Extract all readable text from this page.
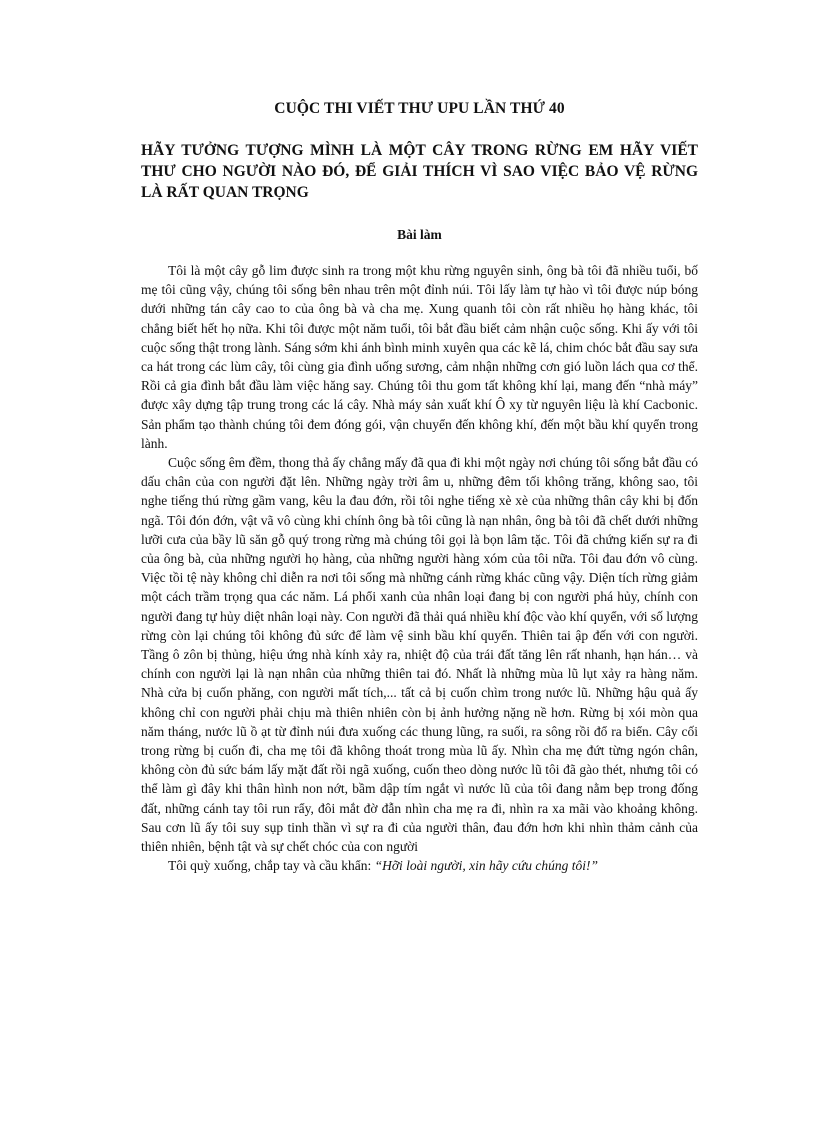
CUỘC THI VIẾT THƯ UPU LẦN THỨ 40
HÃY TƯỞNG TƯỢNG MÌNH LÀ MỘT CÂY TRONG RỪNG EM HÃY VIẾT THƯ CHO NGƯỜI NÀO ĐÓ, ĐỂ GIẢI THÍCH VÌ SAO VIỆC BẢO VỆ RỪNG LÀ RẤT QUAN TRỌNG
Bài làm

Tôi là một cây gỗ lim được sinh ra trong một khu rừng nguyên sinh, ông bà tôi đã nhiều tuổi, bố mẹ tôi cũng vậy, chúng tôi sống bên nhau trên một đỉnh núi. Tôi lấy làm tự hào vì tôi được núp bóng dưới những tán cây cao to của ông bà và cha mẹ. Xung quanh tôi còn rất nhiều họ hàng khác, tôi chẳng biết hết họ nữa. Khi tôi được một năm tuổi, tôi bắt đầu biết cảm nhận cuộc sống. Khi ấy với tôi cuộc sống thật trong lành. Sáng sớm khi ánh bình minh xuyên qua các kẽ lá, chim chóc bắt đầu say sưa ca hát trong các lùm cây, tôi cùng gia đình uống sương, cảm nhận những cơn gió luồn lách qua cơ thể. Rồi cả gia đình bắt đầu làm việc hăng say. Chúng tôi thu gom tất không khí lại, mang đến “nhà máy” được xây dựng tập trung trong các lá cây. Nhà máy sản xuất khí Ô xy từ nguyên liệu là khí Cacbonic. Sản phẩm tạo thành chúng tôi đem đóng gói, vận chuyển đến không khí, đến một bầu khí quyển trong lành.

Cuộc sống êm đềm, thong thả ấy chẳng mấy đã qua đi khi một ngày nơi chúng tôi sống bắt đầu có dấu chân của con người đặt lên. Những ngày trời âm u, những đêm tối không trăng, không sao, tôi nghe tiếng thú rừng gầm vang, kêu la đau đớn, rồi tôi nghe tiếng xè xè của những thân cây khi bị đốn ngã. Tôi đón đớn, vật vã vô cùng khi chính ông bà tôi cũng là nạn nhân, ông bà tôi đã chết dưới những lưỡi cưa của bầy lũ săn gỗ quý trong rừng mà chúng tôi gọi là bọn lâm tặc. Tôi đã chứng kiến sự ra đi của ông bà, của những người họ hàng, của những người hàng xóm của tôi nữa. Tôi đau đớn vô cùng. Việc tồi tệ này không chỉ diễn ra nơi tôi sống mà những cánh rừng khác cũng vậy. Diện tích rừng giảm một cách trầm trọng qua các năm. Lá phổi xanh của nhân loại đang bị con người phá hủy, chính con người đang tự hủy diệt nhân loại này. Con người đã thải quá nhiều khí độc vào khí quyển, với số lượng rừng còn lại chúng tôi không đủ sức để làm vệ sinh bầu khí quyển. Thiên tai ập đến với con người. Tầng ô zôn bị thủng, hiệu ứng nhà kính xảy ra, nhiệt độ của trái đất tăng lên rất nhanh, hạn hán… và chính con người lại là nạn nhân của những thiên tai đó. Nhất là những mùa lũ lụt xảy ra hàng năm. Nhà cửa bị cuốn phăng, con người mất tích,... tất cả bị cuốn chìm trong nước lũ. Những hậu quả ấy không chỉ con người phải chịu mà thiên nhiên còn bị ảnh hưởng nặng nề hơn. Rừng bị xói mòn qua năm tháng, nước lũ ồ ạt từ đỉnh núi đưa xuống các thung lũng, ra suối, ra sông rồi đổ ra biển. Cây cối trong rừng bị cuốn đi, cha mẹ tôi đã không thoát trong mùa lũ ấy. Nhìn cha mẹ đứt từng ngón chân, không còn đủ sức bám lấy mặt đất rồi ngã xuống, cuốn theo dòng nước lũ tôi đã gào thét, nhưng tôi có thể làm gì đây khi thân hình non nớt, bầm dập tím ngắt vì nước lũ của tôi đang nằm bẹp trong đống đất, những cánh tay tôi run rẩy, đôi mắt đờ đẫn nhìn cha mẹ ra đi, nhìn ra xa mãi vào khoảng không. Sau cơn lũ ấy tôi suy sụp tinh thần vì sự ra đi của người thân, đau đớn hơn khi nhìn thảm cảnh của thiên nhiên, bệnh tật và sự chết chóc của con người

Tôi quỳ xuống, chắp tay và cầu khẩn: “Hỡi loài người, xin hãy cứu chúng tôi!”
